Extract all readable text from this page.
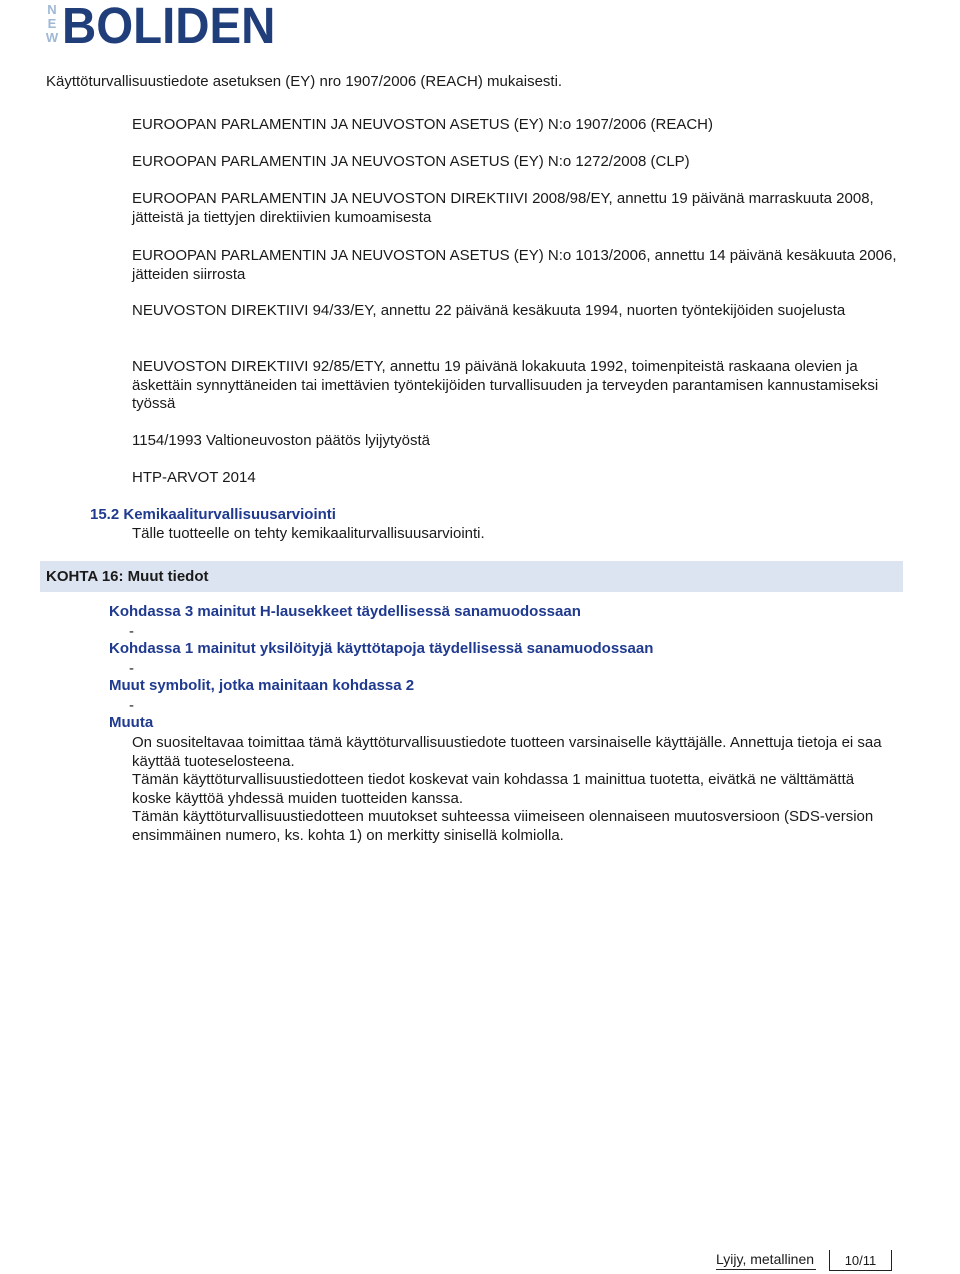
N
E
W BOLIDEN
Käyttöturvallisuustiedote asetuksen (EY) nro 1907/2006 (REACH) mukaisesti.
EUROOPAN PARLAMENTIN JA NEUVOSTON ASETUS (EY) N:o 1907/2006 (REACH)
EUROOPAN PARLAMENTIN JA NEUVOSTON ASETUS (EY) N:o 1272/2008 (CLP)
EUROOPAN PARLAMENTIN JA NEUVOSTON DIREKTIIVI 2008/98/EY, annettu 19 päivänä marraskuuta 2008, jätteistä ja tiettyjen direktiivien kumoamisesta
EUROOPAN PARLAMENTIN JA NEUVOSTON ASETUS (EY) N:o 1013/2006, annettu 14 päivänä kesäkuuta 2006, jätteiden siirrosta
NEUVOSTON DIREKTIIVI 94/33/EY, annettu 22 päivänä kesäkuuta 1994, nuorten työntekijöiden suojelusta
NEUVOSTON DIREKTIIVI 92/85/ETY, annettu 19 päivänä lokakuuta 1992, toimenpiteistä raskaana olevien ja äskettäin synnyttäneiden tai imettävien työntekijöiden turvallisuuden ja terveyden parantamisen kannustamiseksi työssä
1154/1993 Valtioneuvoston päätös lyijytyöstä
HTP-ARVOT 2014
15.2 Kemikaaliturvallisuusarviointi
Tälle tuotteelle on tehty kemikaaliturvallisuusarviointi.
KOHTA 16: Muut tiedot
Kohdassa 3 mainitut H-lausekkeet täydellisessä sanamuodossaan
-
Kohdassa 1 mainitut yksilöityjä käyttötapoja täydellisessä sanamuodossaan
-
Muut symbolit, jotka mainitaan kohdassa 2
-
Muuta
On suositeltavaa toimittaa tämä käyttöturvallisuustiedote tuotteen varsinaiselle käyttäjälle. Annettuja tietoja ei saa käyttää tuoteselosteena.
Tämän käyttöturvallisuustiedotteen tiedot koskevat vain kohdassa 1 mainittua tuotetta, eivätkä ne välttämättä koske käyttöä yhdessä muiden tuotteiden kanssa.
Tämän käyttöturvallisuustiedotteen muutokset suhteessa viimeiseen olennaiseen muutosversioon (SDS-version ensimmäinen numero, ks. kohta 1) on merkitty sinisellä kolmiolla.
Lyijy, metallinen	10/11
